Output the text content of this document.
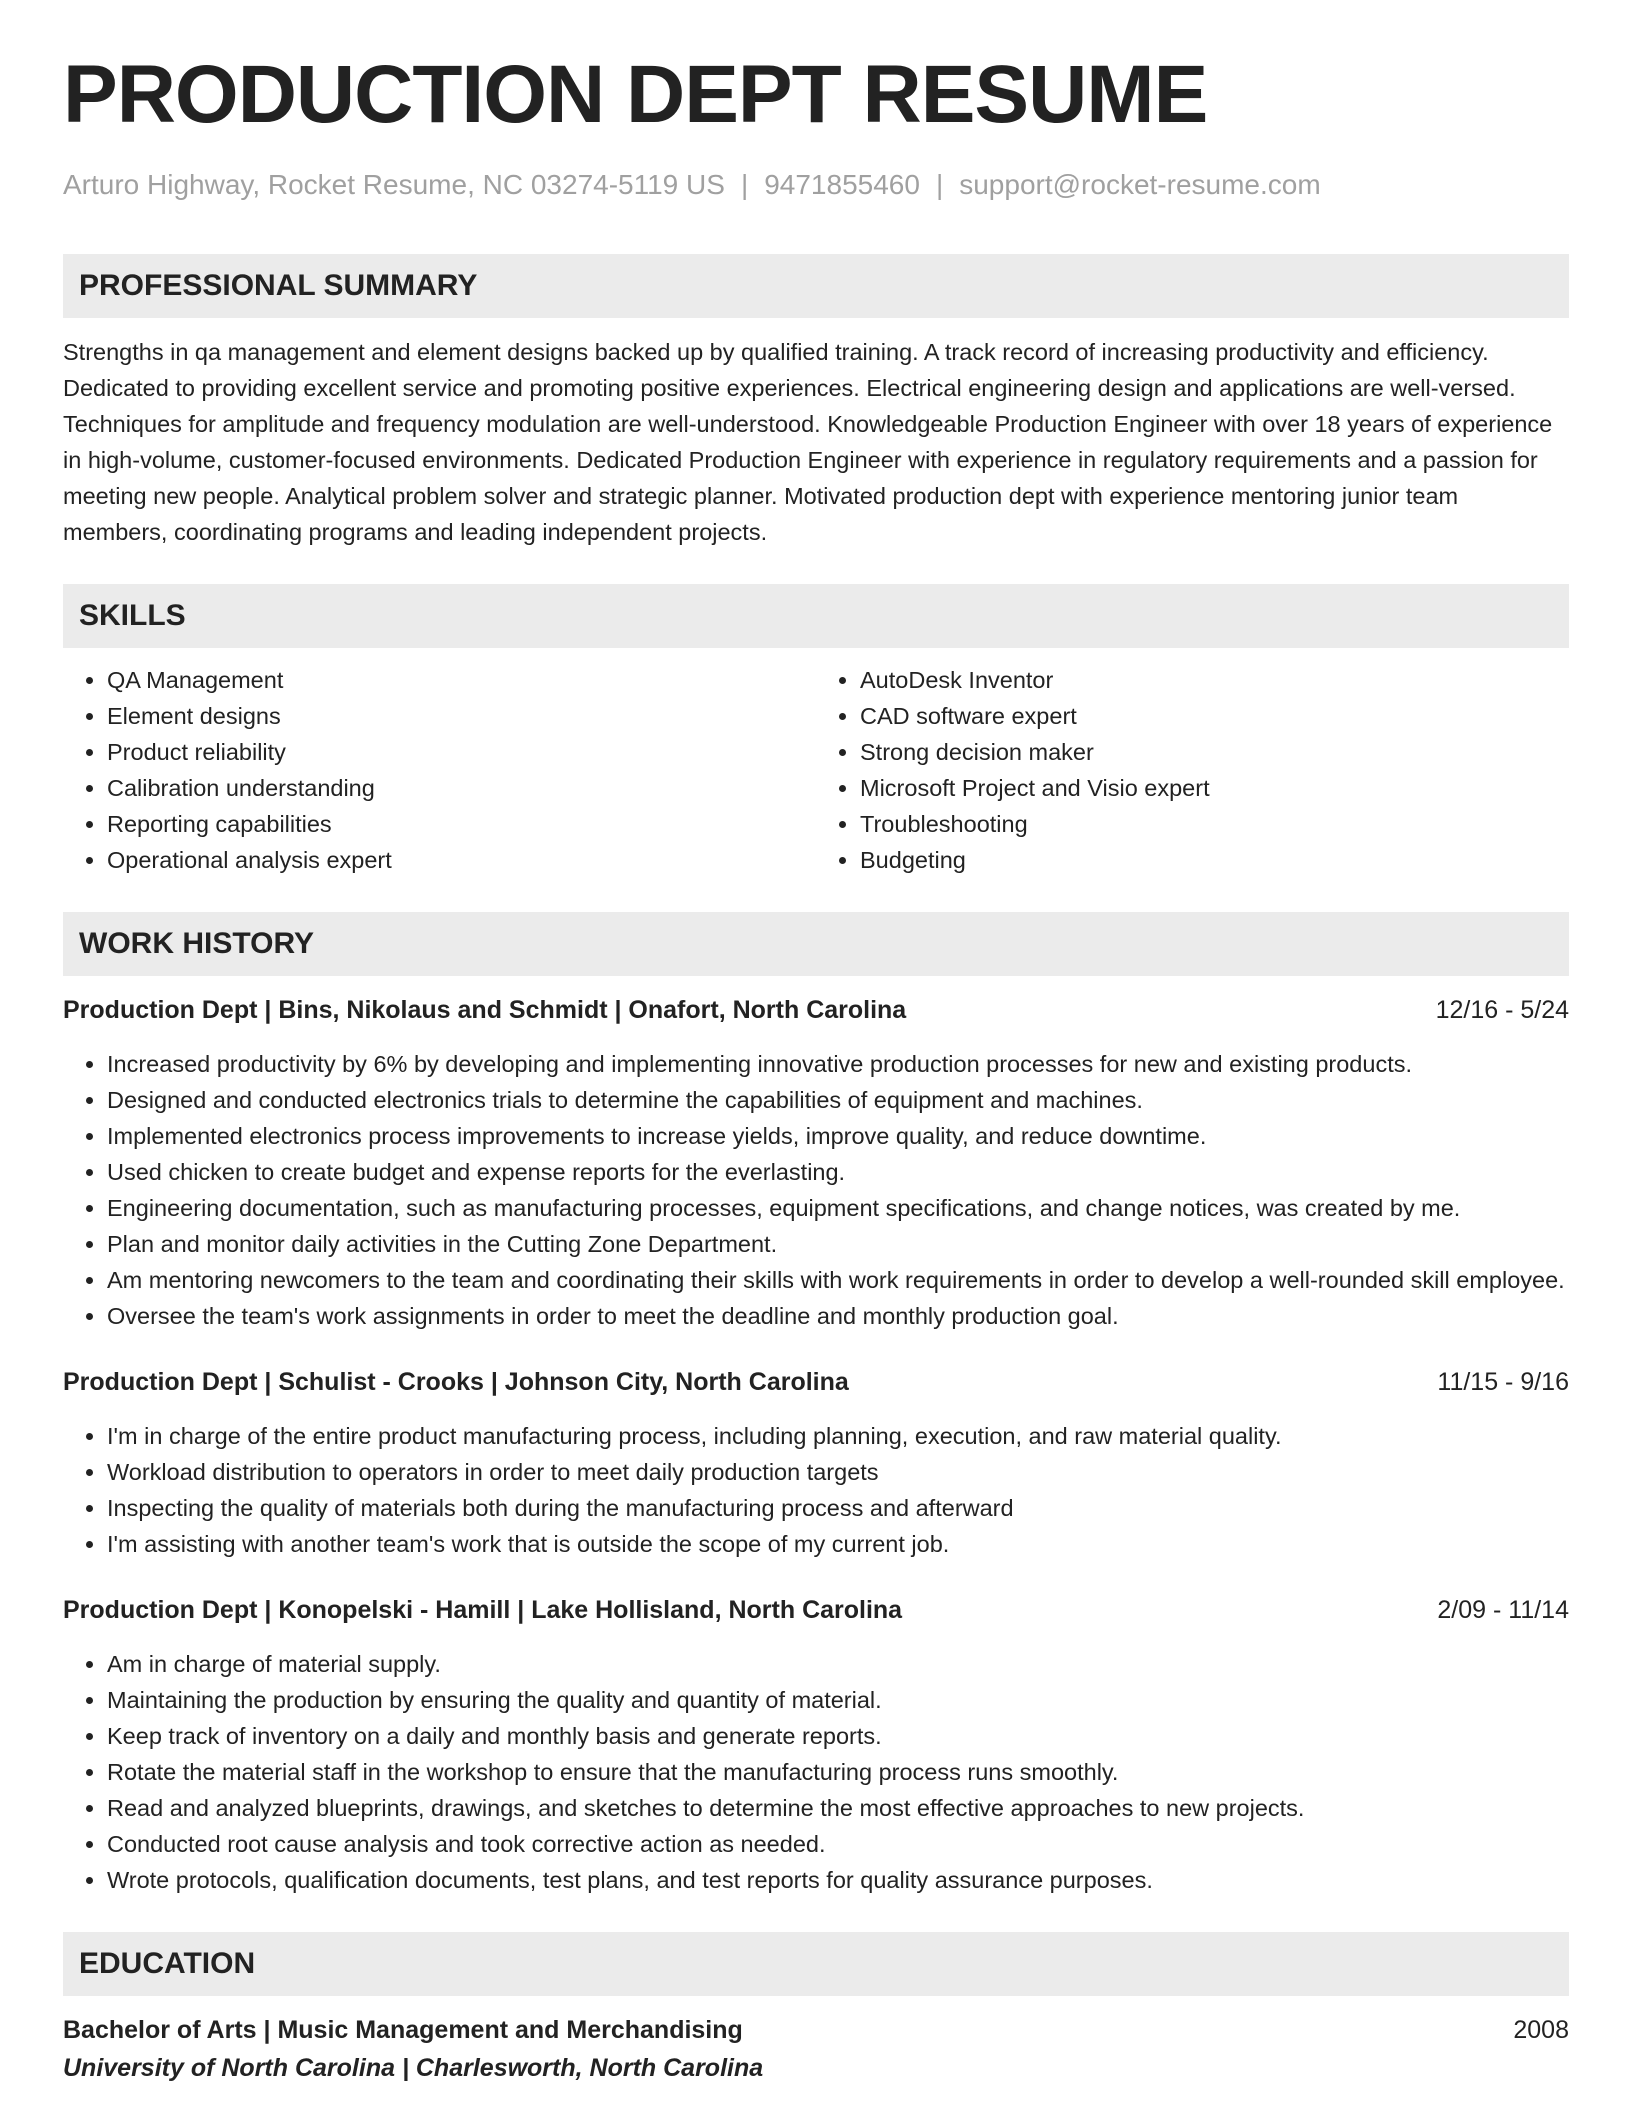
PRODUCTION DEPT RESUME
Arturo Highway, Rocket Resume, NC 03274-5119 US | 9471855460 | support@rocket-resume.com
PROFESSIONAL SUMMARY
Strengths in qa management and element designs backed up by qualified training. A track record of increasing productivity and efficiency. Dedicated to providing excellent service and promoting positive experiences. Electrical engineering design and applications are well-versed. Techniques for amplitude and frequency modulation are well-understood. Knowledgeable Production Engineer with over 18 years of experience in high-volume, customer-focused environments. Dedicated Production Engineer with experience in regulatory requirements and a passion for meeting new people. Analytical problem solver and strategic planner. Motivated production dept with experience mentoring junior team members, coordinating programs and leading independent projects.
SKILLS
• QA Management
• Element designs
• Product reliability
• Calibration understanding
• Reporting capabilities
• Operational analysis expert
• AutoDesk Inventor
• CAD software expert
• Strong decision maker
• Microsoft Project and Visio expert
• Troubleshooting
• Budgeting
WORK HISTORY
Production Dept | Bins, Nikolaus and Schmidt | Onafort, North Carolina	12/16 - 5/24
• Increased productivity by 6% by developing and implementing innovative production processes for new and existing products.
• Designed and conducted electronics trials to determine the capabilities of equipment and machines.
• Implemented electronics process improvements to increase yields, improve quality, and reduce downtime.
• Used chicken to create budget and expense reports for the everlasting.
• Engineering documentation, such as manufacturing processes, equipment specifications, and change notices, was created by me.
• Plan and monitor daily activities in the Cutting Zone Department.
• Am mentoring newcomers to the team and coordinating their skills with work requirements in order to develop a well-rounded skill employee.
• Oversee the team's work assignments in order to meet the deadline and monthly production goal.
Production Dept | Schulist - Crooks | Johnson City, North Carolina	11/15 - 9/16
• I'm in charge of the entire product manufacturing process, including planning, execution, and raw material quality.
• Workload distribution to operators in order to meet daily production targets
• Inspecting the quality of materials both during the manufacturing process and afterward
• I'm assisting with another team's work that is outside the scope of my current job.
Production Dept | Konopelski - Hamill | Lake Hollisland, North Carolina	2/09 - 11/14
• Am in charge of material supply.
• Maintaining the production by ensuring the quality and quantity of material.
• Keep track of inventory on a daily and monthly basis and generate reports.
• Rotate the material staff in the workshop to ensure that the manufacturing process runs smoothly.
• Read and analyzed blueprints, drawings, and sketches to determine the most effective approaches to new projects.
• Conducted root cause analysis and took corrective action as needed.
• Wrote protocols, qualification documents, test plans, and test reports for quality assurance purposes.
EDUCATION
Bachelor of Arts | Music Management and Merchandising	2008
University of North Carolina | Charlesworth, North Carolina
